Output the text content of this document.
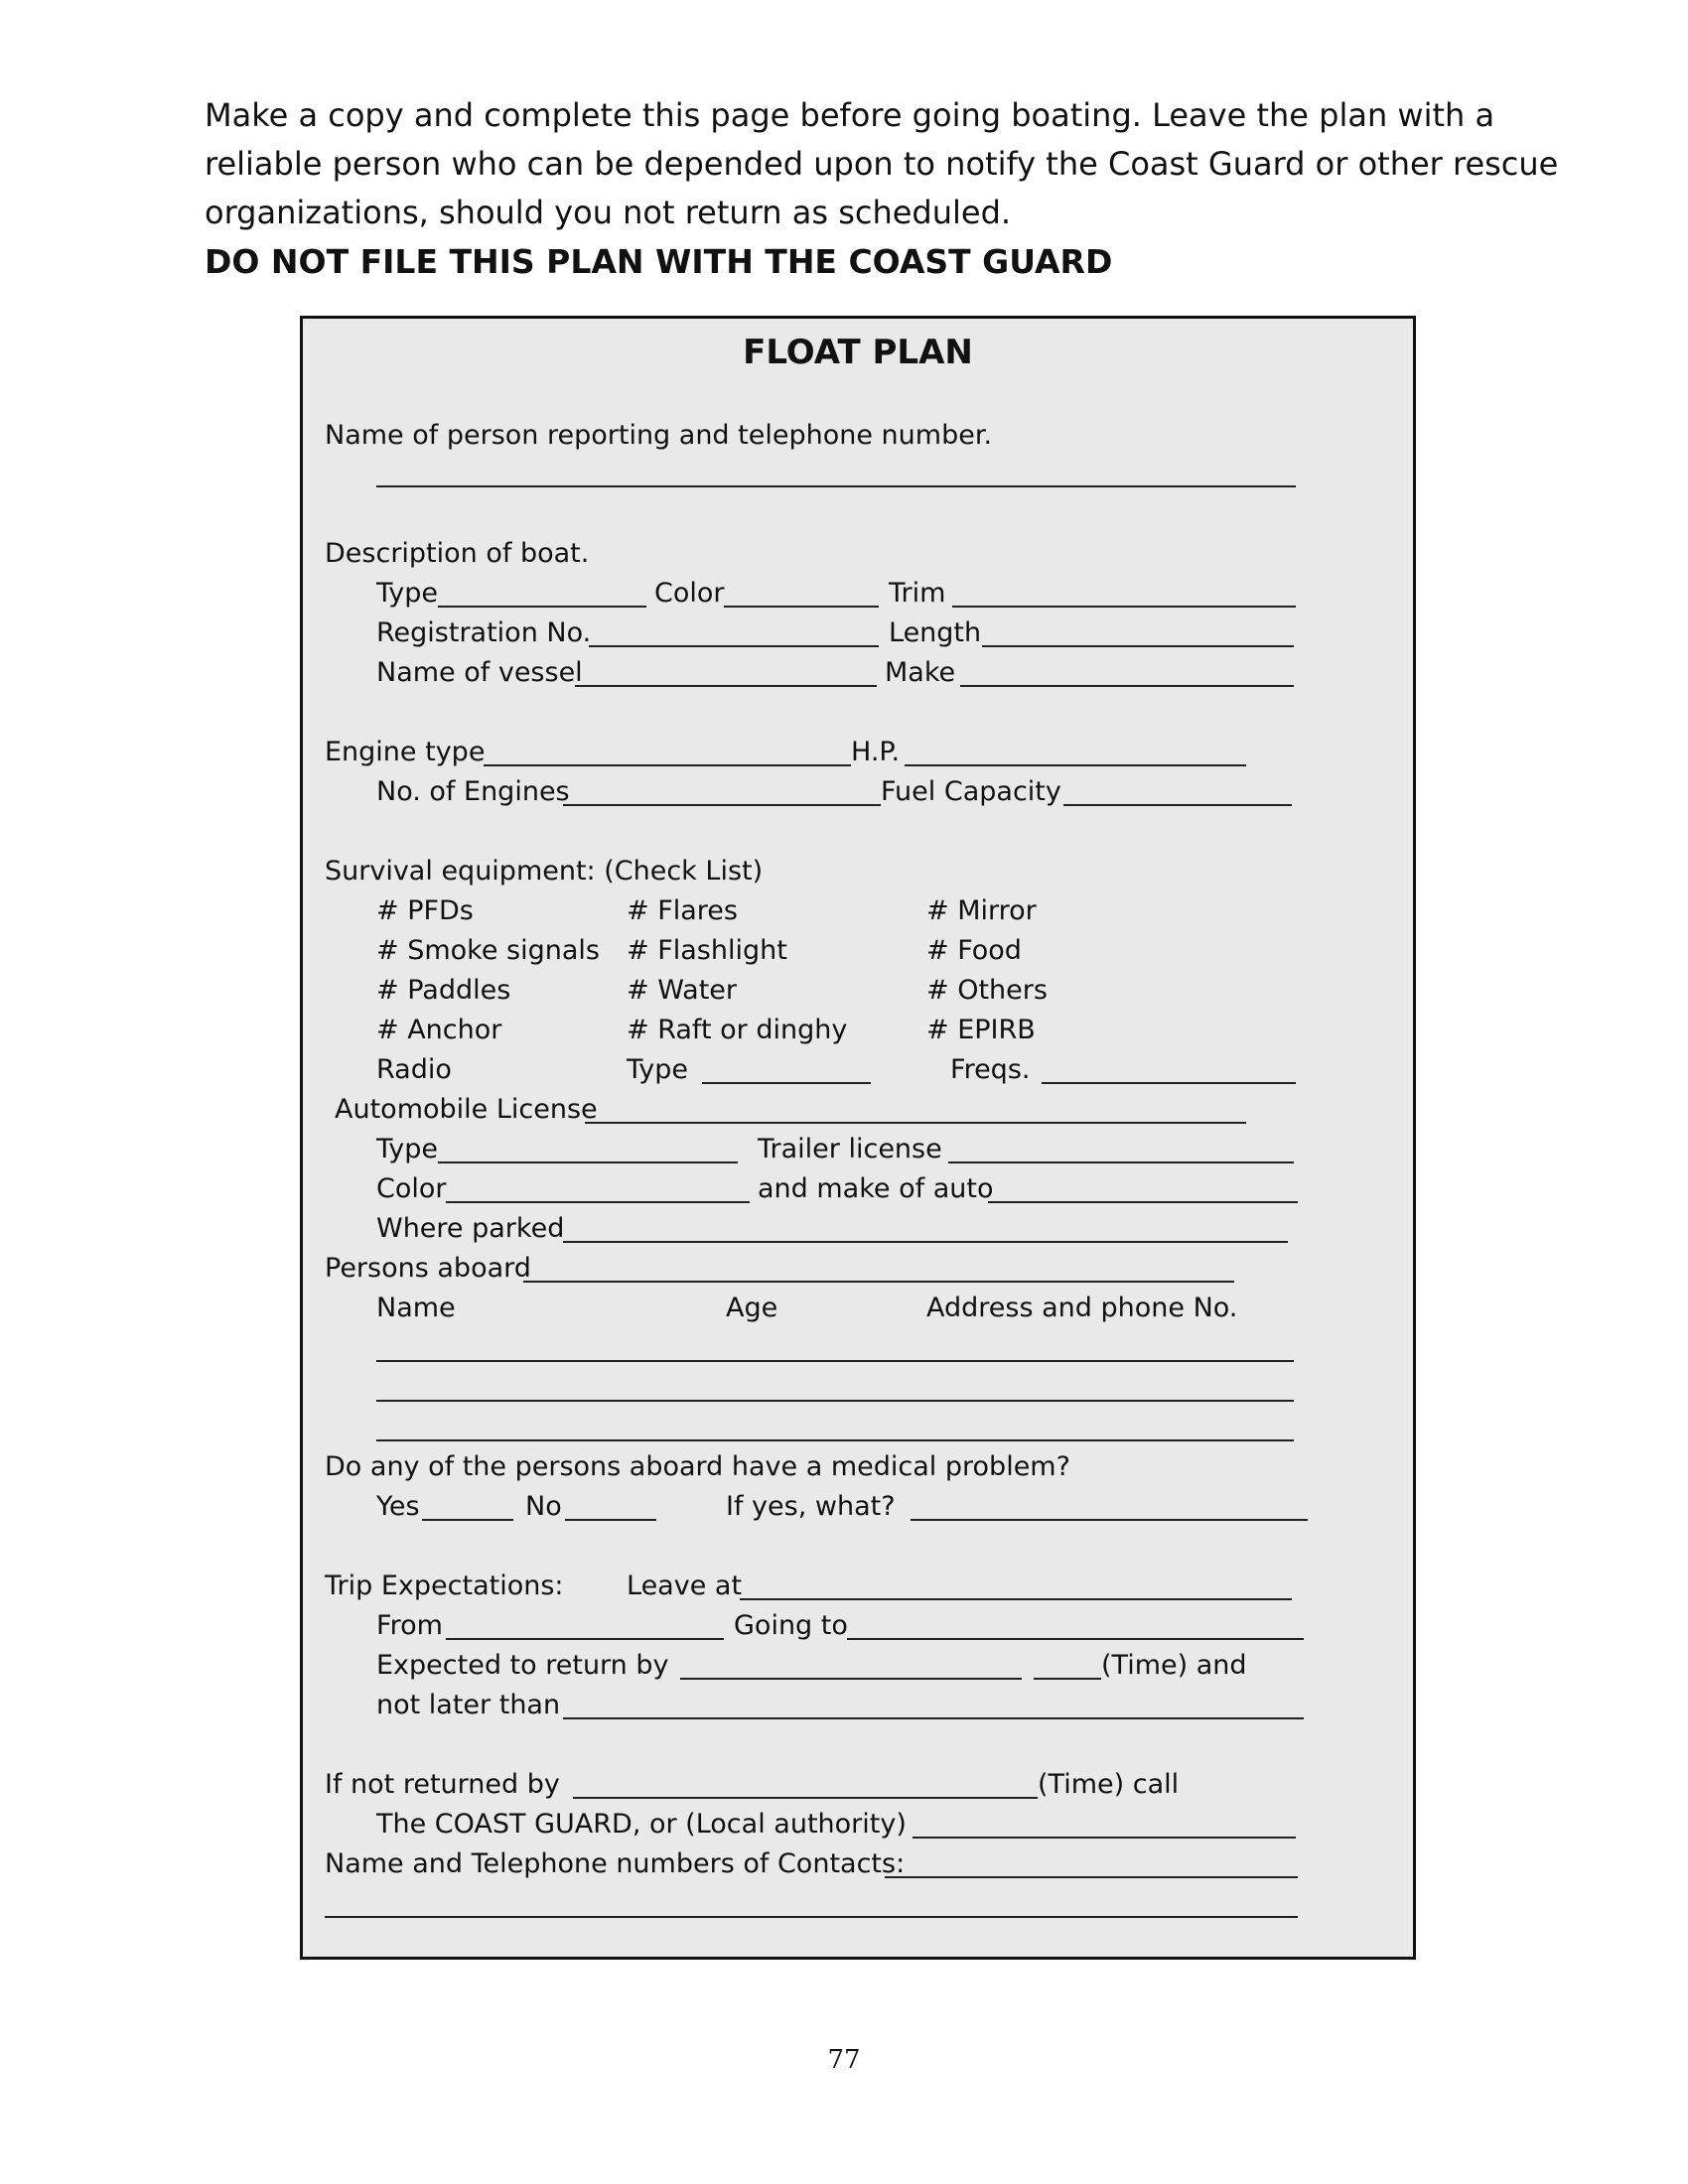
Make a copy and complete this page before going boating. Leave the plan with a
reliable person who can be depended upon to notify the Coast Guard or other rescue
organizations, should you not return as scheduled.
DO NOT FILE THIS PLAN WITH THE COAST GUARD
FLOAT PLAN
Name of person reporting and telephone number.
Description of boat.
Type	Color	Trim
Registration No.	Length
Name of vessel	Make
Engine type	H.P.
No. of Engines	Fuel Capacity
Survival equipment: (Check List)
# PFDs	# Flares	# Mirror
# Smoke signals # Flashlight	# Food
# Paddles	# Water	# Others
# Anchor	# Raft or dinghy	# EPIRB
Radio	Type	Freqs.
Automobile License
Type	Trailer license
Color	and make of auto
Where parked
Persons aboard
Name	Age	Address and phone No.
Do any of the persons aboard have a medical problem?
Yes	No	If yes, what?
Trip Expectations: Leave at
From	Going to
Expected to return by	(Time) and
not later than
If not returned by	(Time) call
The COAST GUARD, or (Local authority)
Name and Telephone numbers of Contacts:
77
